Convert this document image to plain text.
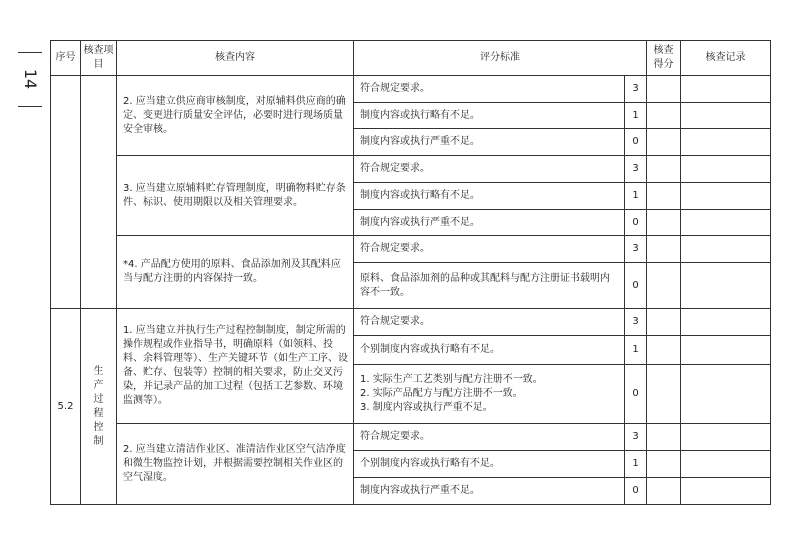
14
序号	核查项目	核查内容	评分标准		核查得分	核查记录
		2. 应当建立供应商审核制度，对原辅料供应商的确定、变更进行质量安全评估，必要时进行现场质量安全审核。	符合规定要求。	3		
			制度内容或执行略有不足。	1		
			制度内容或执行严重不足。	0		
		3. 应当建立原辅料贮存管理制度，明确物料贮存条件、标识、使用期限以及相关管理要求。	符合规定要求。	3		
			制度内容或执行略有不足。	1		
			制度内容或执行严重不足。	0		
		*4. 产品配方使用的原料、食品添加剂及其配料应当与配方注册的内容保持一致。	符合规定要求。	3		
			原料、食品添加剂的品种或其配料与配方注册证书载明内容不一致。	0		
5.2	生产过程控制	1. 应当建立并执行生产过程控制制度，制定所需的操作规程或作业指导书，明确原料（如领料、投料、余料管理等）、生产关键环节（如生产工序、设备、贮存、包装等）控制的相关要求，防止交叉污染，并记录产品的加工过程（包括工艺参数、环境监测等）。	符合规定要求。	3		
			个别制度内容或执行略有不足。	1		
			1. 实际生产工艺类别与配方注册不一致。
2. 实际产品配方与配方注册不一致。
3. 制度内容或执行严重不足。	0		
		2. 应当建立清洁作业区、准清洁作业区空气洁净度和微生物监控计划，并根据需要控制相关作业区的空气湿度。	符合规定要求。	3		
			个别制度内容或执行略有不足。	1		
			制度内容或执行严重不足。	0		
